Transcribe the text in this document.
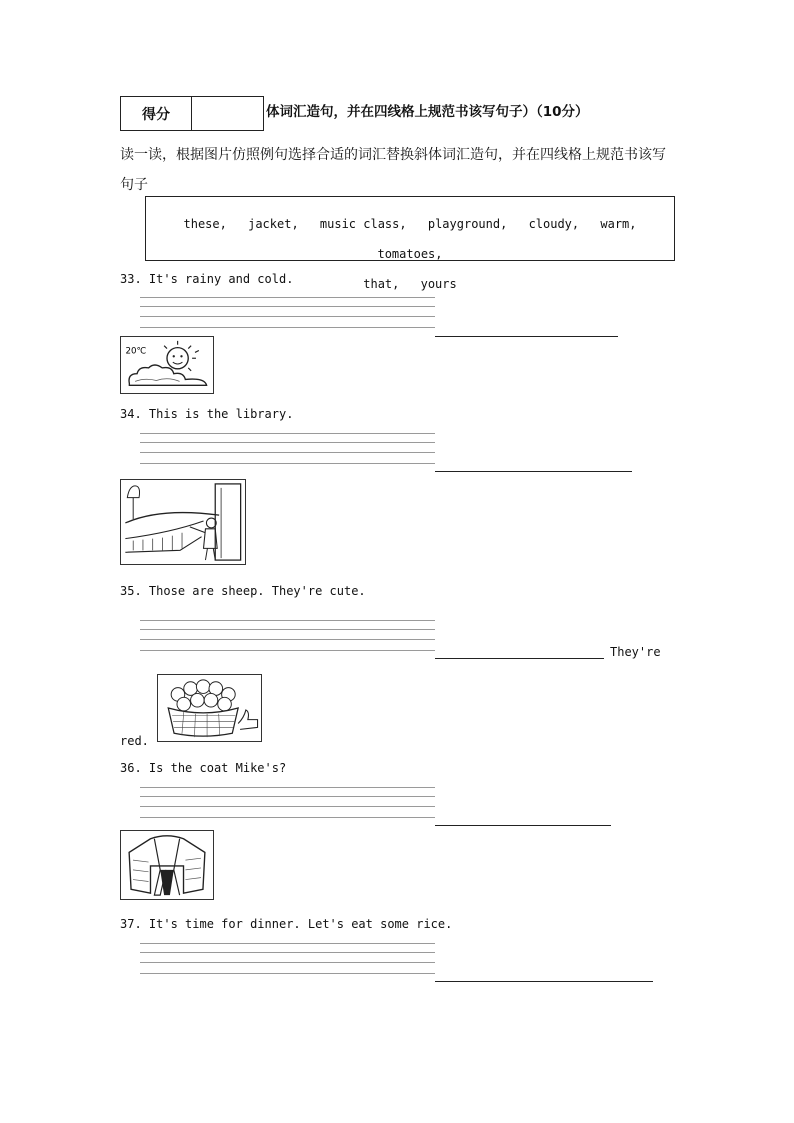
得分	体词汇造句，并在四线格上规范书该写句子）（10分）
读一读，根据图片仿照例句选择合适的词汇替换斜体词汇造句，并在四线格上规范书该写
句子
these, jacket, music class, playground, cloudy, warm, tomatoes,
that, yours
33. It's rainy and cold.
20℃
34. This is the library.
35. Those are sheep. They're cute.
They're
red.
36. Is the coat Mike's?
37. It's time for dinner. Let's eat some rice.
